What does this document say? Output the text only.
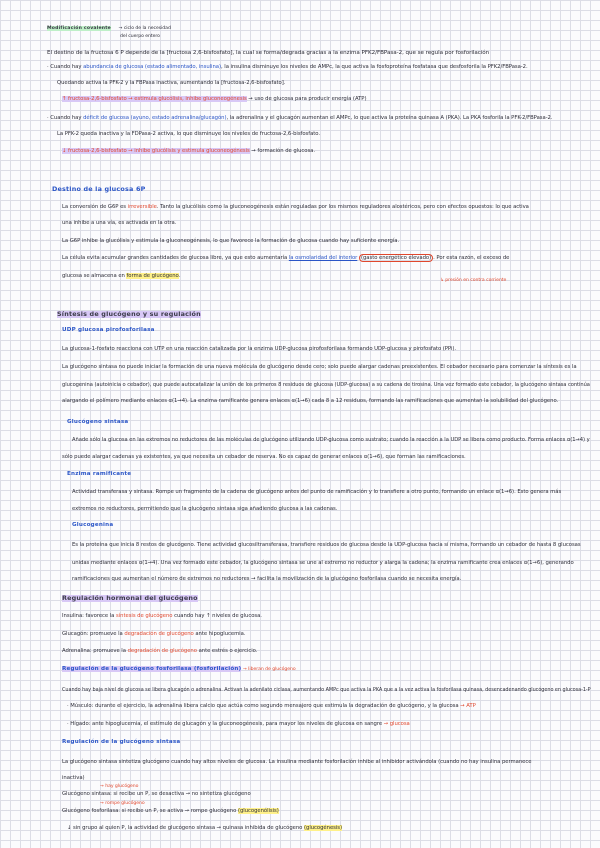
Modificación covalente → ciclo de la necesidad
del cuerpo entero
El destino de la fructosa 6 P depende de la [fructosa 2,6-bisfosfato], la cual se forma/degrada gracias a la enzima PFK2/FBPasa-2, que se regula por fosforilación
· Cuando hay abundancia de glucosa (estado alimentado, insulina), la insulina disminuye los niveles de AMPc, la que activa la fosfoproteína fosfatasa que desfosforila la PFK2/FBPasa-2.
Quedando activa la PFK-2 y la FBPasa inactiva, aumentando la [fructosa-2,6-bisfosfato].
↑ fructosa-2,6-bisfosfato → estimula glucólisis, inhibe gluconeogénesis → uso de glucosa para producir energía (ATP)
· Cuando hay déficit de glucosa (ayuno, estado adrenalina/glucagón), la adrenalina y el glucagón aumentan el AMPc, lo que activa la proteína quinasa A (PKA). La PKA fosforila la PFK-2/FBPasa-2.
La PFK-2 queda inactiva y la FDPasa-2 activa, lo que disminuye los niveles de fructosa-2,6-bisfosfato.
↓ fructosa-2,6-bisfosfato → inhibe glucólisis y estimula gluconeogénesis → formación de glucosa.
Destino de la glucosa 6P
La conversión de G6P es irreversible. Tanto la glucólisis como la gluconeogénesis están reguladas por los mismos reguladores alostéricos, pero con efectos opuestos: lo que activa
una inhibe a una vía, es activada en la otra.
La G6P inhibe la glucólisis y estimula la gluconeogénesis, lo que favorece la formación de glucosa cuando hay suficiente energía.
La célula evita acumular grandes cantidades de glucosa libre, ya que esto aumentaría la osmolaridad del interior (gasto energético elevado) . Por esta razón, el exceso de
glucosa se almacena en forma de glucógeno.
↳ presión en contra corriente
Síntesis de glucógeno y su regulación
UDP glucosa pirofosforilasa
La glucosa-1-fosfato reacciona con UTP en una reacción catalizada por la enzima UDP-glucosa pirofosforilasa formando UDP-glucosa y pirofosfato (PPi).
La glucógeno sintasa no puede iniciar la formación de una nueva molécula de glucógeno desde cero; solo puede alargar cadenas preexistentes. El cebador necesario para comenzar la síntesis es la
glucogenina (autoinicia o cebador), que puede autocatalizar la unión de los primeros 8 residuos de glucosa (UDP-glucosa) a su cadena de tirosina. Una vez formado este cebador, la glucógeno sintasa continúa
alargando el polímero mediante enlaces α(1→4). La enzima ramificante genera enlaces α(1→6) cada 8 a 12 residuos, formando las ramificaciones que aumentan la solubilidad del glucógeno.
Glucógeno sintasa
Añade sólo la glucosa en las extremos no reductores de las moléculas de glucógeno utilizando UDP-glucosa como sustrato; cuando la reacción a la UDP se libera como producto. Forma enlaces α(1→4) y
sólo puede alargar cadenas ya existentes, ya que necesita un cebador de reserva. No es capaz de generar enlaces α(1→6), que forman las ramificaciones.
Enzima ramificante
Actividad transferasa y sintasa. Rompe un fragmento de la cadena de glucógeno antes del punto de ramificación y lo transfiere a otro punto, formando un enlace α(1→6). Esto genera más
extremos no reductores, permitiendo que la glucógeno sintasa siga añadiendo glucosa a las cadenas.
Glucogenina
Es la proteína que inicia 8 restos de glucógeno. Tiene actividad glucosiltransferasa, transfiere residuos de glucosa desde la UDP-glucosa hacia sí misma, formando un cebador de hasta 8 glucosas
unidas mediante enlaces α(1→4). Una vez formado este cebador, la glucógeno sintasa se une al extremo no reductor y alarga la cadena; la enzima ramificante crea enlaces α(1→6), generando
ramificaciones que aumentan el número de extremos no reductores → facilita la movilización de la glucógeno fosforilasa cuando se necesita energía.
Regulación hormonal del glucógeno
Insulina: favorece la síntesis de glucógeno cuando hay ↑ niveles de glucosa.
Glucagón: promueve la degradación de glucógeno ante hipoglucemia.
Adrenalina: promueve la degradación de glucógeno ante estrés o ejercicio.
Regulación de la glucógeno fosforilasa (fosforilación) → liberan de glucógeno
Cuando hay baja nivel de glucosa se libera glucagón o adrenalina. Activan la adenilato ciclasa, aumentando AMPc que activa la PKA que a la vez activa la fosforilasa quinasa, desencadenando glucógeno en glucosa-1-P
· Músculo: durante el ejercicio, la adrenalina libera calcio que actúa como segundo mensajero que estimula la degradación de glucógeno, y la glucosa → ATP
· Hígado: ante hipoglucemia, el estímulo de glucagón y la gluconeogénesis, para mayor los niveles de glucosa en sangre → glucosa
Regulación de la glucógeno sintasa
La glucógeno sintasa sintetiza glucógeno cuando hay altos niveles de glucosa. La insulina mediante fosforilación inhibe al inhibidor activándola (cuando no hay insulina permanece
inactiva)
→ hay glucógeno
Glucógeno sintasa: si recibe un P, se desactiva → no sintetiza glucógeno
→ rompe glucógeno
Glucógeno fosforilasa: si recibe un P, se activa → rompe glucógeno (glucogenólisis)
↓ sin grupo al quien P, la actividad de glucógeno sintasa → quinasa inhibida de glucógeno (glucogénesis)
